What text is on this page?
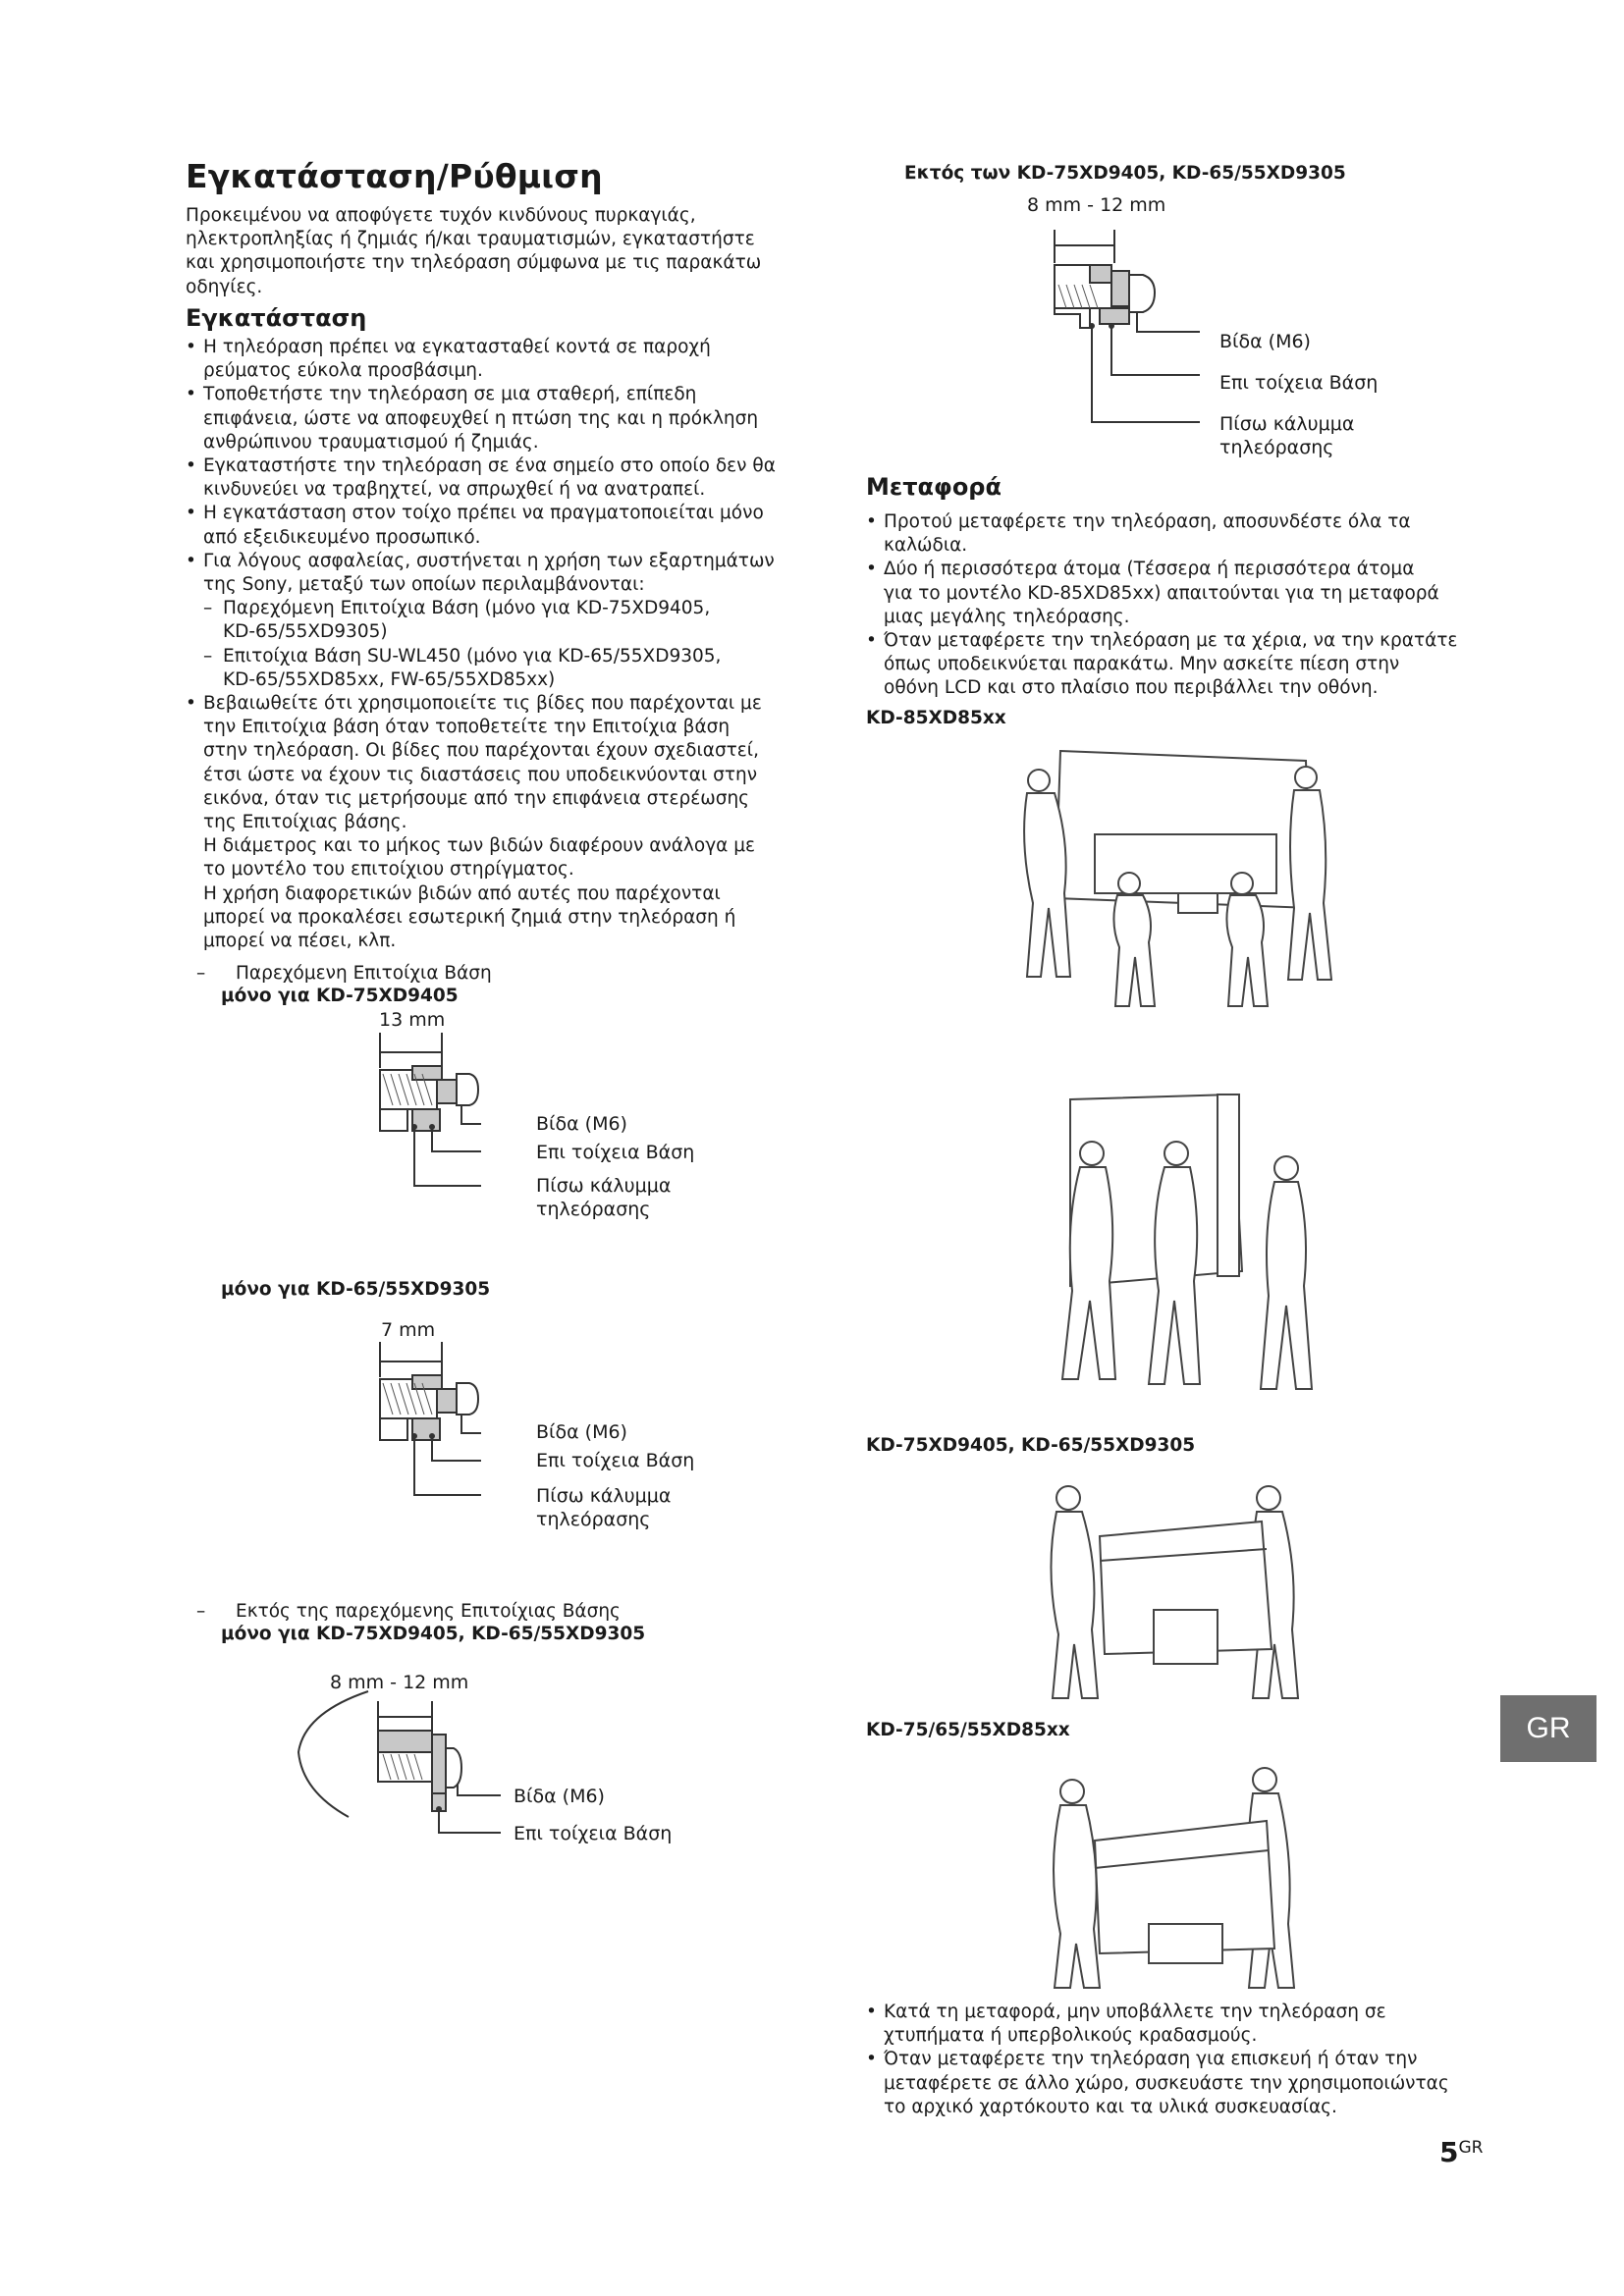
Εγκατάσταση/Ρύθμιση
Προκειμένου να αποφύγετε τυχόν κινδύνους πυρκαγιάς,
ηλεκτροπληξίας ή ζημιάς ή/και τραυματισμών, εγκαταστήστε
και χρησιμοποιήστε την τηλεόραση σύμφωνα με τις παρακάτω
οδηγίες.
Εγκατάσταση
• Η τηλεόραση πρέπει να εγκατασταθεί κοντά σε παροχή
ρεύματος εύκολα προσβάσιμη.
• Τοποθετήστε την τηλεόραση σε μια σταθερή, επίπεδη
επιφάνεια, ώστε να αποφευχθεί η πτώση της και η πρόκληση
ανθρώπινου τραυματισμού ή ζημιάς.
• Εγκαταστήστε την τηλεόραση σε ένα σημείο στο οποίο δεν θα
κινδυνεύει να τραβηχτεί, να σπρωχθεί ή να ανατραπεί.
• Η εγκατάσταση στον τοίχο πρέπει να πραγματοποιείται μόνο
από εξειδικευμένο προσωπικό.
• Για λόγους ασφαλείας, συστήνεται η χρήση των εξαρτημάτων
της Sony, μεταξύ των οποίων περιλαμβάνονται:
– Παρεχόμενη Επιτοίχια Βάση (μόνο για KD-75XD9405,
KD-65/55XD9305)
– Επιτοίχια Βάση SU-WL450 (μόνο για KD-65/55XD9305,
KD-65/55XD85xx, FW-65/55XD85xx)
• Βεβαιωθείτε ότι χρησιμοποιείτε τις βίδες που παρέχονται με
την Επιτοίχια βάση όταν τοποθετείτε την Επιτοίχια βάση
στην τηλεόραση. Οι βίδες που παρέχονται έχουν σχεδιαστεί,
έτσι ώστε να έχουν τις διαστάσεις που υποδεικνύονται στην
εικόνα, όταν τις μετρήσουμε από την επιφάνεια στερέωσης
της Επιτοίχιας βάσης.
Η διάμετρος και το μήκος των βιδών διαφέρουν ανάλογα με
το μοντέλο του επιτοίχιου στηρίγματος.
Η χρήση διαφορετικών βιδών από αυτές που παρέχονται
μπορεί να προκαλέσει εσωτερική ζημιά στην τηλεόραση ή
μπορεί να πέσει, κλπ.
– Παρεχόμενη Επιτοίχια Βάση
μόνο για KD-75XD9405
13 mm
Βίδα (M6)
Επι τοίχεια Βάση
Πίσω κάλυμμα
τηλεόρασης
μόνο για KD-65/55XD9305
7 mm
Βίδα (M6)
Επι τοίχεια Βάση
Πίσω κάλυμμα
τηλεόρασης
– Εκτός της παρεχόμενης Επιτοίχιας Βάσης
μόνο για KD-75XD9405, KD-65/55XD9305
8 mm - 12 mm
Βίδα (M6)
Επι τοίχεια Βάση
Εκτός των KD-75XD9405, KD-65/55XD9305
8 mm - 12 mm
Βίδα (M6)
Επι τοίχεια Βάση
Πίσω κάλυμμα
τηλεόρασης
Μεταφορά
• Προτού μεταφέρετε την τηλεόραση, αποσυνδέστε όλα τα
καλώδια.
• Δύο ή περισσότερα άτομα (Τέσσερα ή περισσότερα άτομα
για το μοντέλο KD-85XD85xx) απαιτούνται για τη μεταφορά
μιας μεγάλης τηλεόρασης.
• Όταν μεταφέρετε την τηλεόραση με τα χέρια, να την κρατάτε
όπως υποδεικνύεται παρακάτω. Μην ασκείτε πίεση στην
οθόνη LCD και στο πλαίσιο που περιβάλλει την οθόνη.
KD-85XD85xx
KD-75XD9405, KD-65/55XD9305
KD-75/65/55XD85xx
• Κατά τη μεταφορά, μην υποβάλλετε την τηλεόραση σε
χτυπήματα ή υπερβολικούς κραδασμούς.
• Όταν μεταφέρετε την τηλεόραση για επισκευή ή όταν την
μεταφέρετε σε άλλο χώρο, συσκευάστε την χρησιμοποιώντας
το αρχικό χαρτόκουτο και τα υλικά συσκευασίας.
GR
$5^{GR}$
